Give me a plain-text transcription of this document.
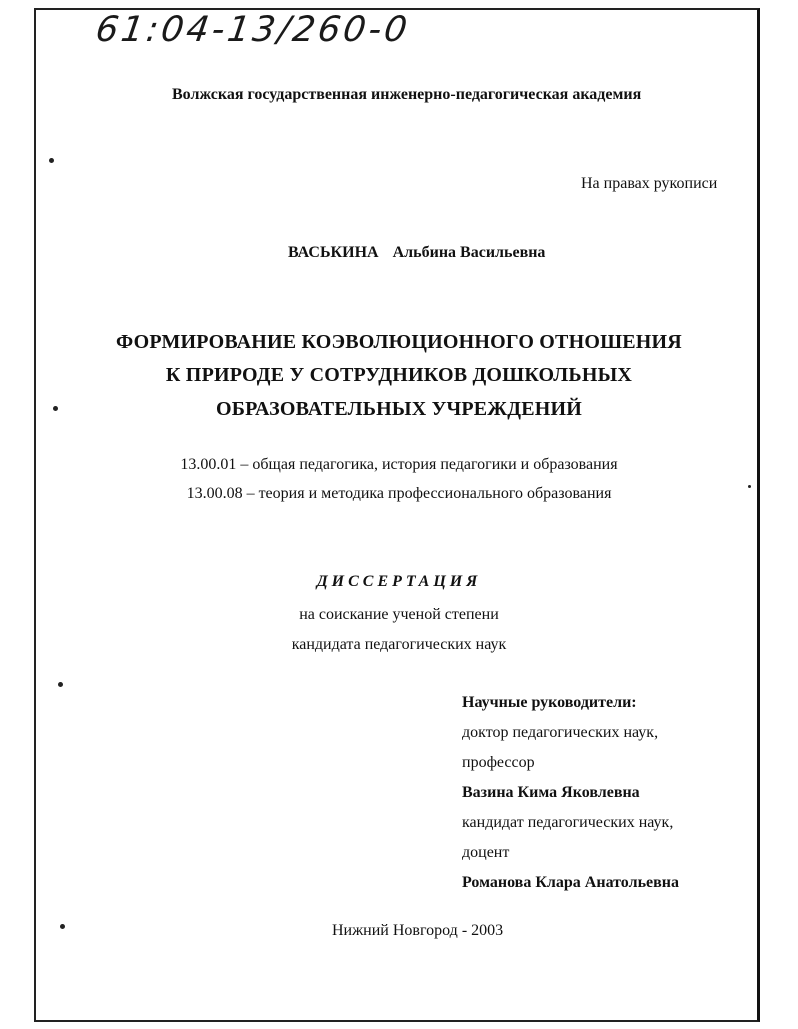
61:04-13/260-0
Волжская государственная инженерно-педагогическая академия
На правах рукописи
ВАСЬКИНА Альбина Васильевна
ФОРМИРОВАНИЕ КОЭВОЛЮЦИОННОГО ОТНОШЕНИЯ
К ПРИРОДЕ У СОТРУДНИКОВ ДОШКОЛЬНЫХ
ОБРАЗОВАТЕЛЬНЫХ УЧРЕЖДЕНИЙ
13.00.01 – общая педагогика, история педагогики и образования
13.00.08 – теория и методика профессионального образования
ДИССЕРТАЦИЯ
на соискание ученой степени
кандидата педагогических наук
Научные руководители:
доктор педагогических наук,
профессор
Вазина Кима Яковлевна
кандидат педагогических наук,
доцент
Романова Клара Анатольевна
Нижний Новгород - 2003
